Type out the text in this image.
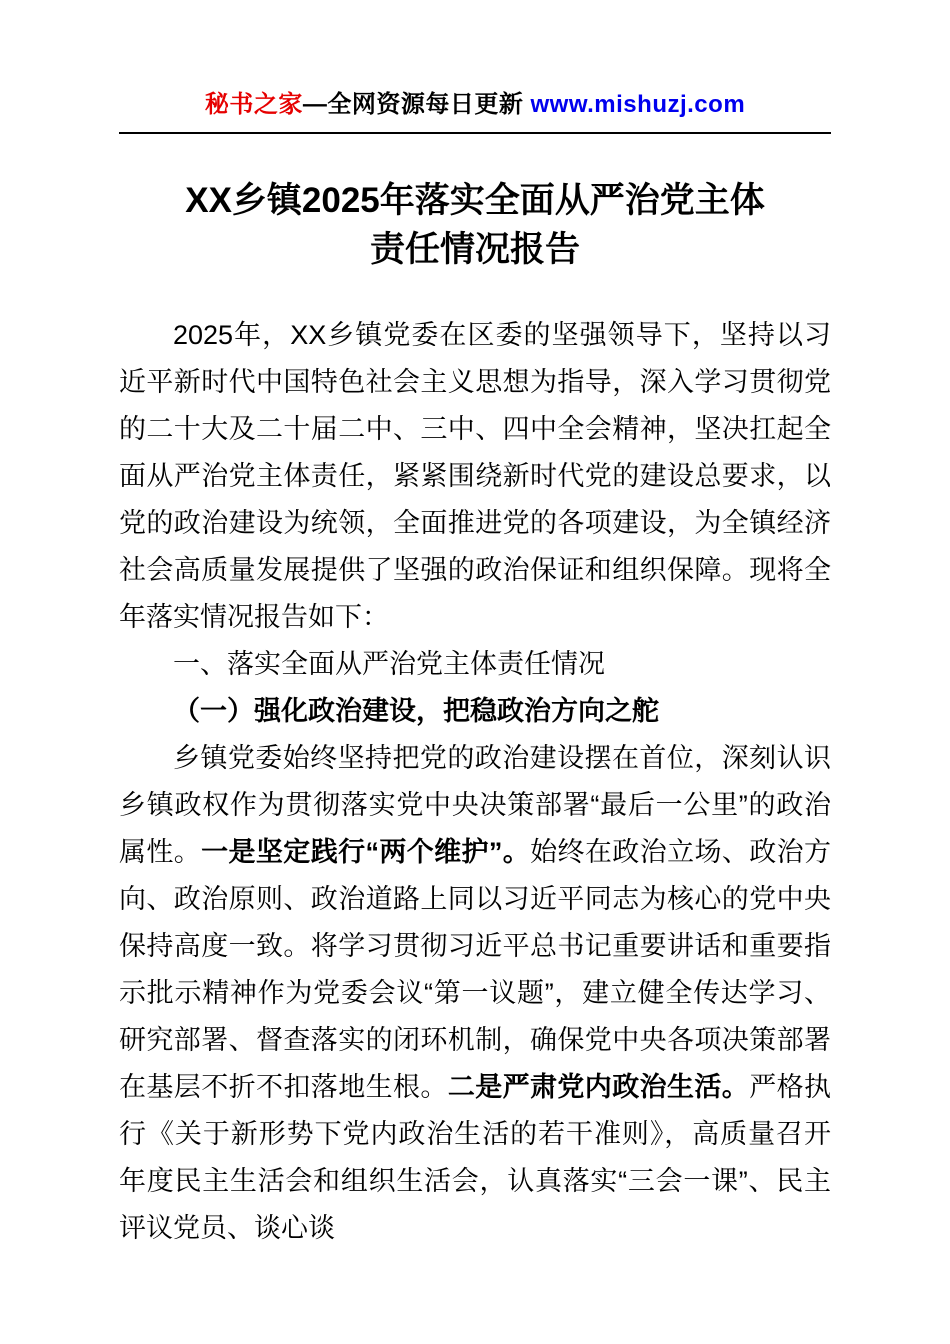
秘书之家—全网资源每日更新 www.mishuzj.com
XX乡镇2025年落实全面从严治党主体
责任情况报告

2025年，XX乡镇党委在区委的坚强领导下，坚持以习近平新时代中国特色社会主义思想为指导，深入学习贯彻党的二十大及二十届二中、三中、四中全会精神，坚决扛起全面从严治党主体责任，紧紧围绕新时代党的建设总要求，以党的政治建设为统领，全面推进党的各项建设，为全镇经济社会高质量发展提供了坚强的政治保证和组织保障。现将全年落实情况报告如下：

一、落实全面从严治党主体责任情况

（一）强化政治建设，把稳政治方向之舵

乡镇党委始终坚持把党的政治建设摆在首位，深刻认识乡镇政权作为贯彻落实党中央决策部署“最后一公里”的政治属性。一是坚定践行“两个维护”。始终在政治立场、政治方向、政治原则、政治道路上同以习近平同志为核心的党中央保持高度一致。将学习贯彻习近平总书记重要讲话和重要指示批示精神作为党委会议“第一议题”，建立健全传达学习、研究部署、督查落实的闭环机制，确保党中央各项决策部署在基层不折不扣落地生根。二是严肃党内政治生活。严格执行《关于新形势下党内政治生活的若干准则》，高质量召开年度民主生活会和组织生活会，认真落实“三会一课”、民主评议党员、谈心谈
